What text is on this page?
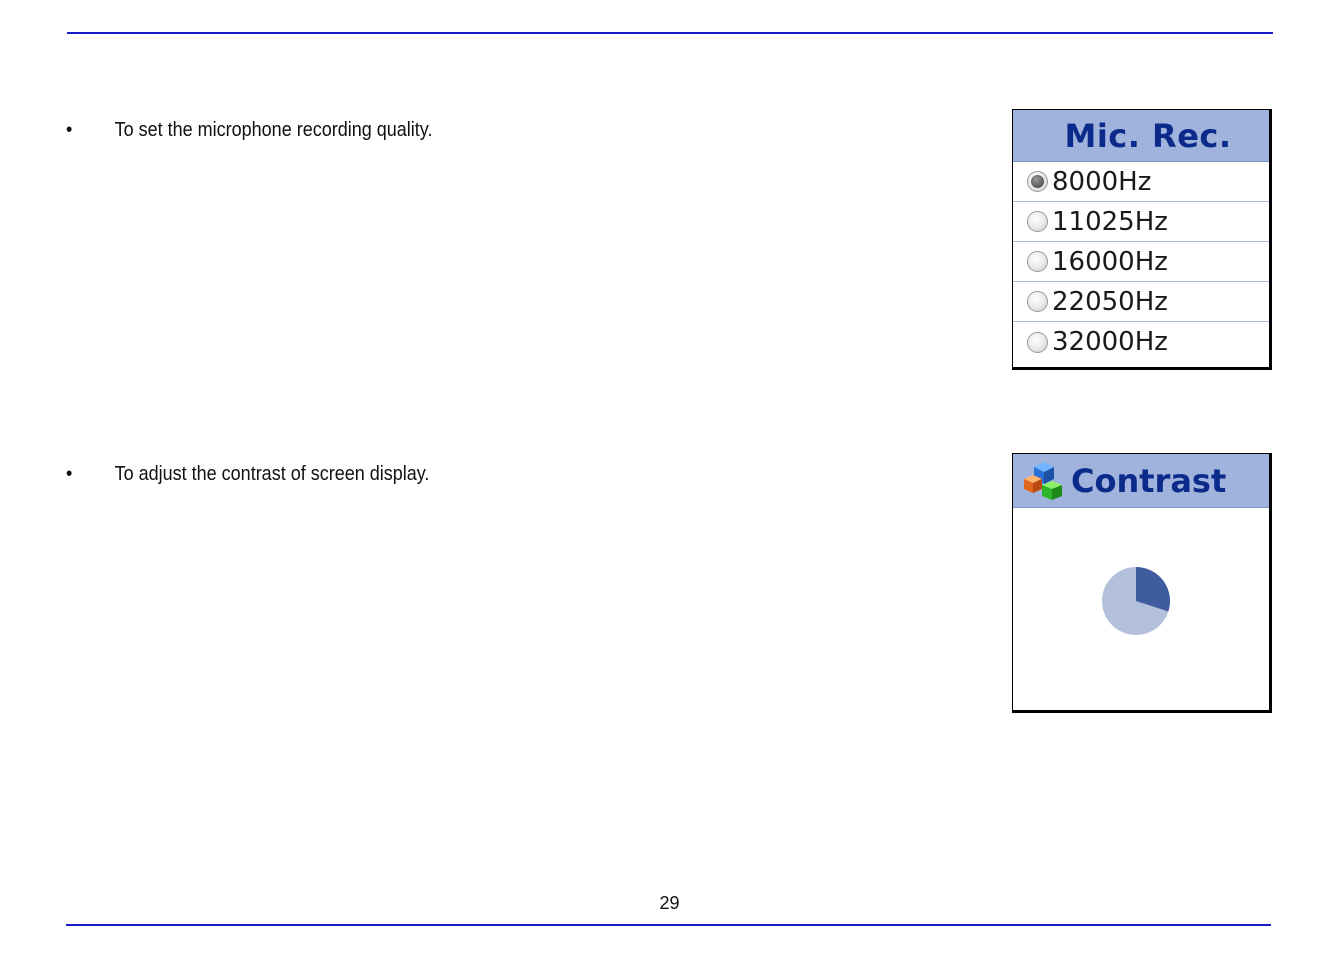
•	To set the microphone recording quality.	Mic. Rec.
8000Hz
11025Hz
16000Hz
22050Hz
32000Hz
•	To adjust the contrast of screen display.	Contrast
29
